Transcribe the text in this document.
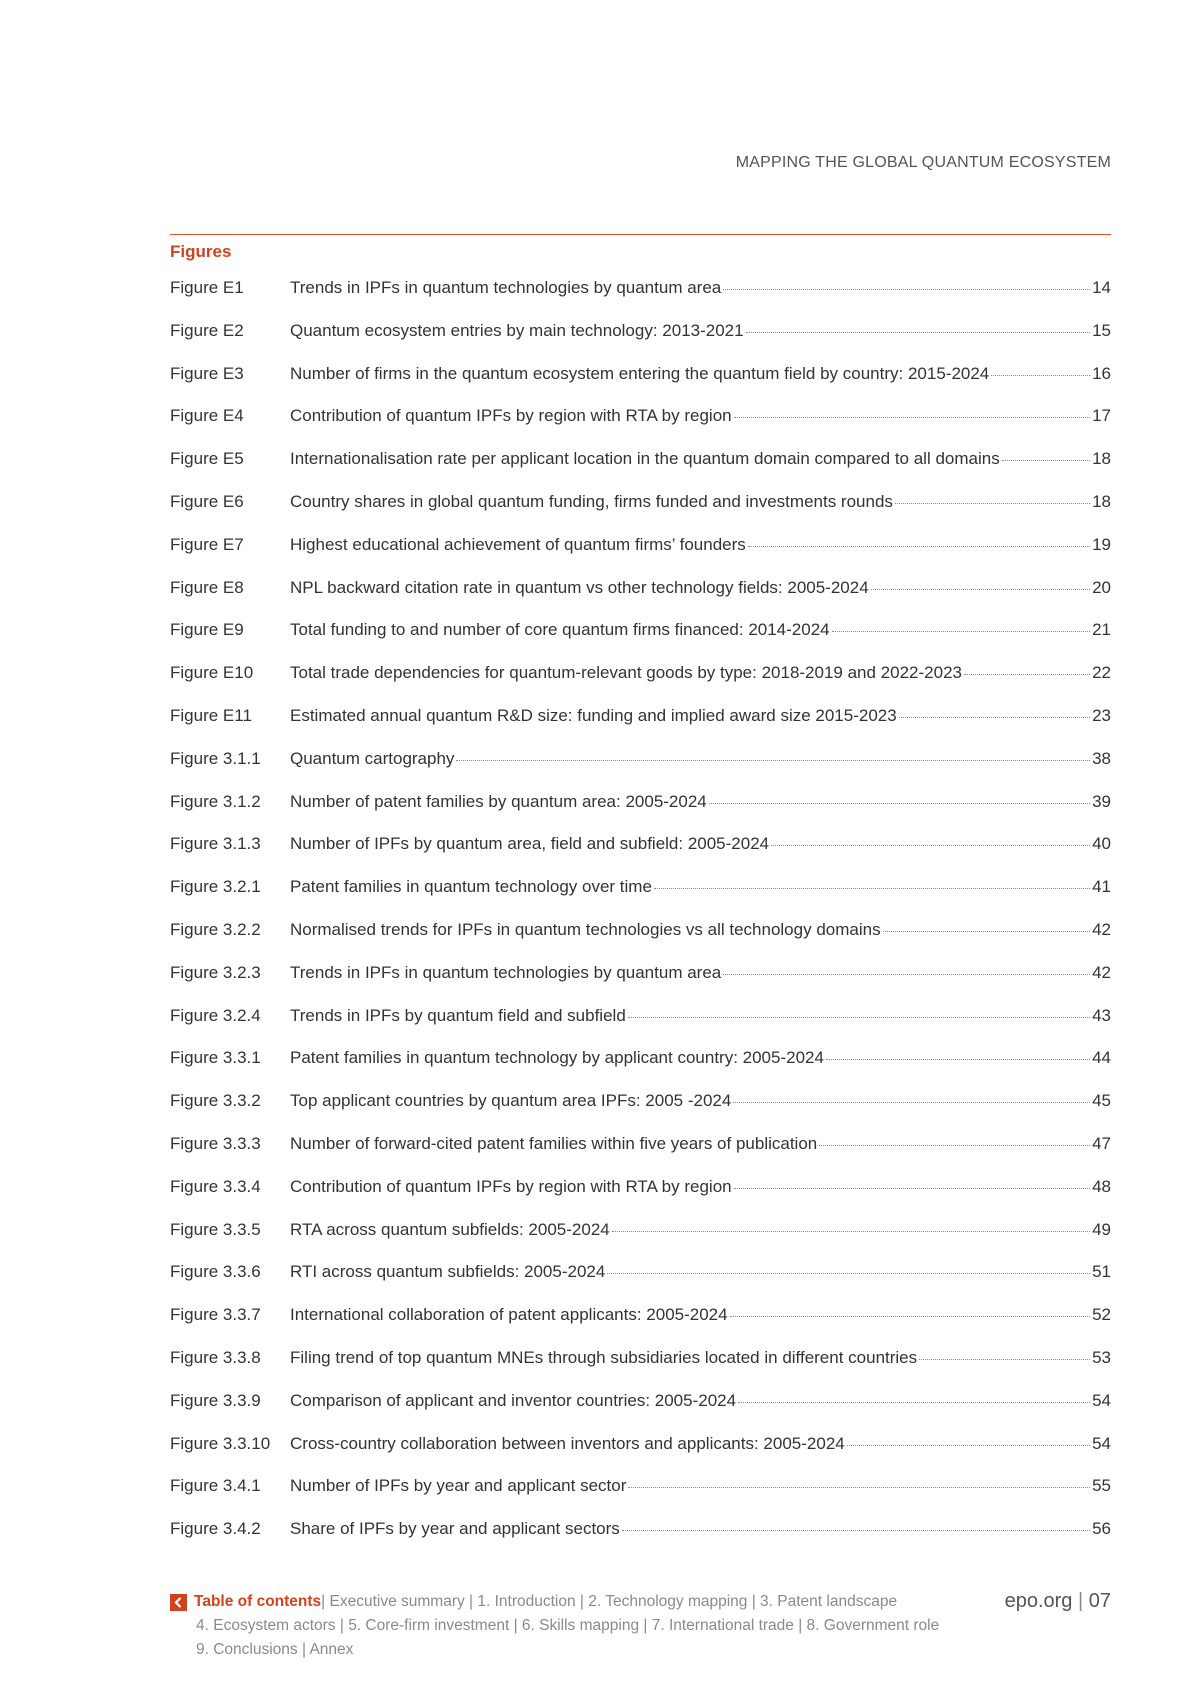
MAPPING THE GLOBAL QUANTUM ECOSYSTEM
Figures
Figure E1	Trends in IPFs in quantum technologies by quantum area	14
Figure E2	Quantum ecosystem entries by main technology: 2013-2021	15
Figure E3	Number of firms in the quantum ecosystem entering the quantum field by country: 2015-2024	16
Figure E4	Contribution of quantum IPFs by region with RTA by region	17
Figure E5	Internationalisation rate per applicant location in the quantum domain compared to all domains	18
Figure E6	Country shares in global quantum funding, firms funded and investments rounds	18
Figure E7	Highest educational achievement of quantum firms’ founders	19
Figure E8	NPL backward citation rate in quantum vs other technology fields: 2005-2024	20
Figure E9	Total funding to and number of core quantum firms financed: 2014-2024	21
Figure E10	Total trade dependencies for quantum-relevant goods by type: 2018-2019 and 2022-2023	22
Figure E11	Estimated annual quantum R&D size: funding and implied award size 2015-2023	23
Figure 3.1.1	Quantum cartography	38
Figure 3.1.2	Number of patent families by quantum area: 2005-2024	39
Figure 3.1.3	Number of IPFs by quantum area, field and subfield: 2005-2024	40
Figure 3.2.1	Patent families in quantum technology over time	41
Figure 3.2.2	Normalised trends for IPFs in quantum technologies vs all technology domains	42
Figure 3.2.3	Trends in IPFs in quantum technologies by quantum area	42
Figure 3.2.4	Trends in IPFs by quantum field and subfield	43
Figure 3.3.1	Patent families in quantum technology by applicant country: 2005-2024	44
Figure 3.3.2	Top applicant countries by quantum area IPFs: 2005 -2024	45
Figure 3.3.3	Number of forward-cited patent families within five years of publication	47
Figure 3.3.4	Contribution of quantum IPFs by region with RTA by region	48
Figure 3.3.5	RTA across quantum subfields: 2005-2024	49
Figure 3.3.6	RTI across quantum subfields: 2005-2024	51
Figure 3.3.7	International collaboration of patent applicants: 2005-2024	52
Figure 3.3.8	Filing trend of top quantum MNEs through subsidiaries located in different countries	53
Figure 3.3.9	Comparison of applicant and inventor countries: 2005-2024	54
Figure 3.3.10	Cross-country collaboration between inventors and applicants: 2005-2024	54
Figure 3.4.1	Number of IPFs by year and applicant sector	55
Figure 3.4.2	Share of IPFs by year and applicant sectors	56
Table of contents | Executive summary | 1. Introduction | 2. Technology mapping | 3. Patent landscape
4. Ecosystem actors | 5. Core-firm investment | 6. Skills mapping | 7. International trade | 8. Government role
9. Conclusions | Annex
epo.org | 07
